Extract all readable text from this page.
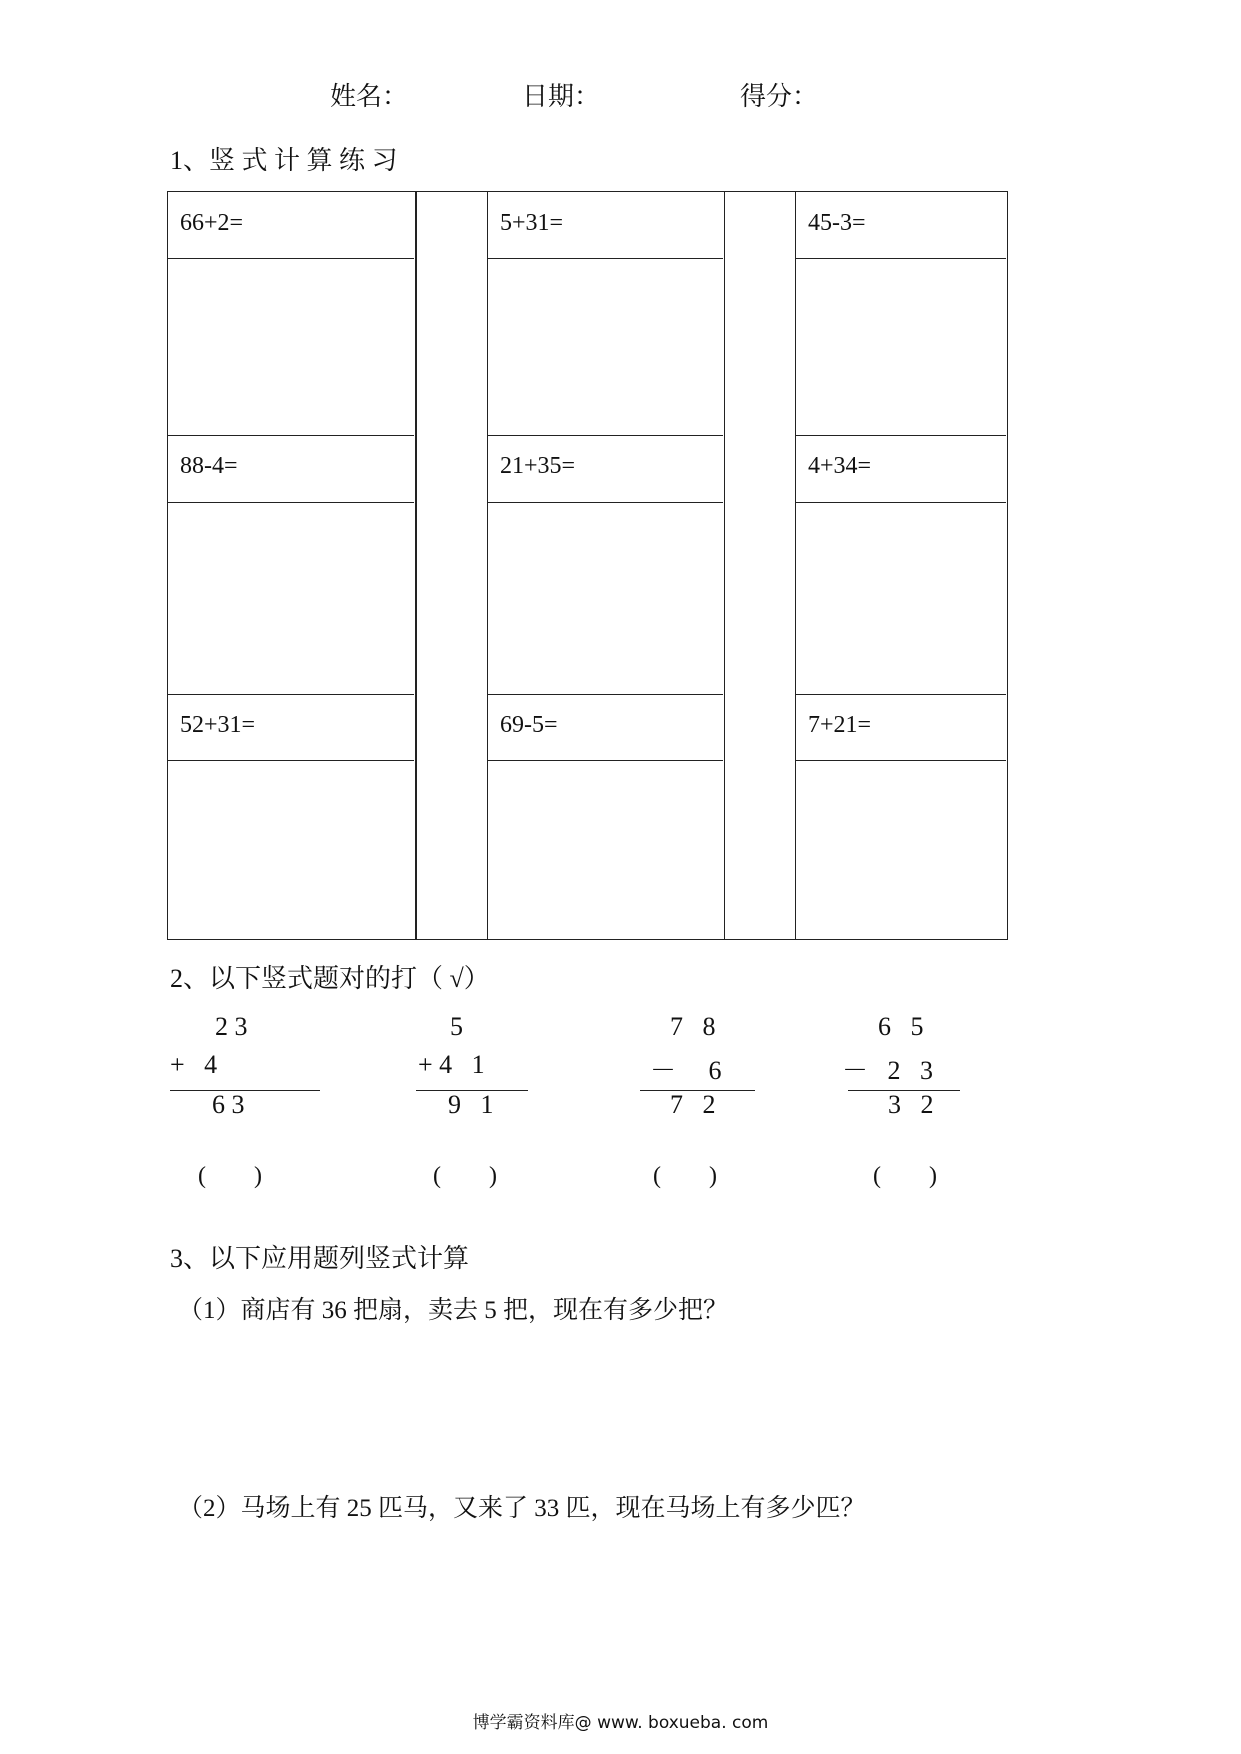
姓名：	日期：	得分：
1、竖 式 计 算 练 习
66+2=
88-4=
52+31=
5+31=
21+35=
69-5=
45-3=
4+34=
7+21=
2、以下竖式题对的打（ √）
2 3
+   4
6 3
(        )
5
+ 4   1
9   1
(        )
7   8
－     6
7   2
(        )
6   5
－   2   3
3   2
(        )
3、以下应用题列竖式计算
（1）商店有 36 把扇，卖去 5 把，现在有多少把？
（2）马场上有 25 匹马，又来了 33 匹，现在马场上有多少匹？
博学霸资料库@ www. boxueba. com
